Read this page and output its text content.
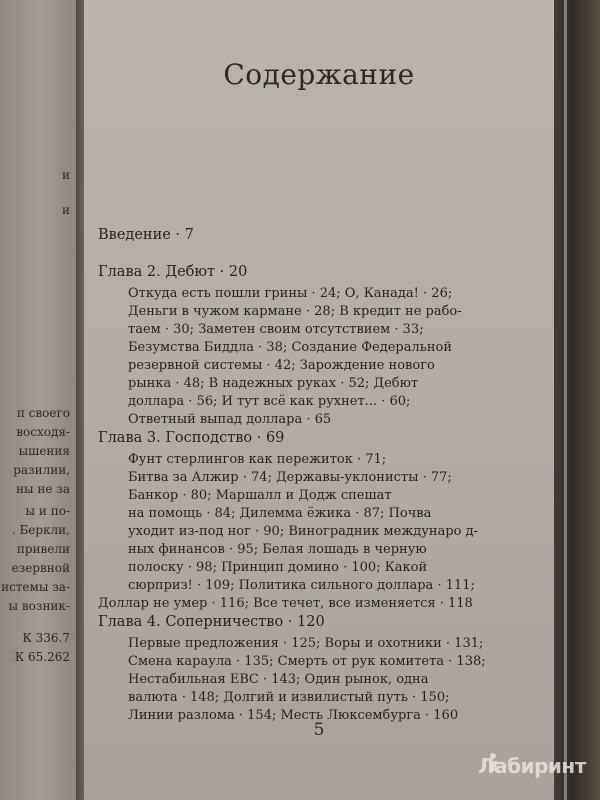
и
и
п своего
восходя-
ышения
разилии,
ны не за
ы и по-
. Беркли,
привели
езервной
истемы за-
ы возник-
К 336.7
К 65.262
Содержание
Введение · 7
Глава 2. Дебют · 20
Откуда есть пошли грины · 24; О, Канада! · 26;
Деньги в чужом кармане · 28; В кредит не рабо-
таем · 30; Заметен своим отсутствием · 33;
Безумства Биддла · 38; Создание Федеральной
резервной системы · 42; Зарождение нового
рынка · 48; В надежных руках · 52; Дебют
доллара · 56; И тут всё как рухнет... · 60;
Ответный выпад доллара · 65
Глава 3. Господство · 69
Фунт стерлингов как пережиток · 71;
Битва за Алжир · 74; Державы-уклонисты · 77;
Банкор · 80; Маршалл и Додж спешат
на помощь · 84; Дилемма ёжика · 87; Почва
уходит из-под ног · 90; Виноградник междунаро д-
ных финансов · 95; Белая лошадь в черную
полоску · 98; Принцип домино · 100; Какой
сюрприз! · 109; Политика сильного доллара · 111;
Доллар не умер · 116; Все течет, все изменяется · 118
Глава 4. Соперничество · 120
Первые предложения · 125; Воры и охотники · 131;
Смена караула · 135; Смерть от рук комитета · 138;
Нестабильная ЕВС · 143; Один рынок, одна
валюта · 148; Долгий и извилистый путь · 150;
Линии разлома · 154; Месть Люксембурга · 160
5
Лабиринт
